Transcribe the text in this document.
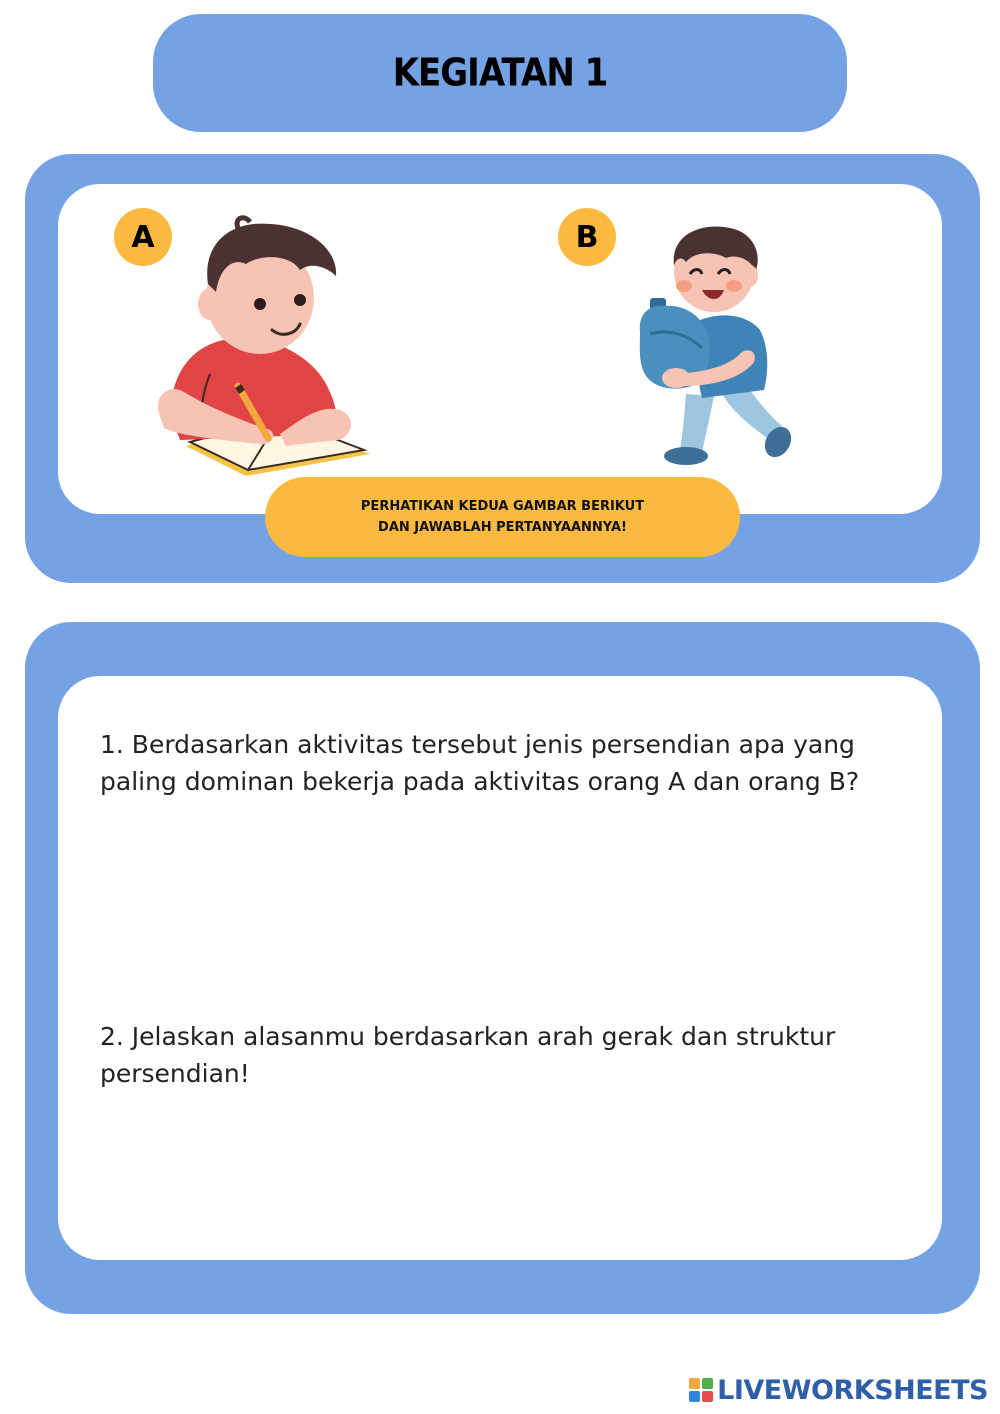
KEGIATAN 1
A	B
PERHATIKAN KEDUA GAMBAR BERIKUT
DAN JAWABLAH PERTANYAANNYA!

1. Berdasarkan aktivitas tersebut jenis persendian apa yang paling dominan bekerja pada aktivitas orang A dan orang B?

2. Jelaskan alasanmu berdasarkan arah gerak dan struktur persendian!

LIVEWORKSHEETS
